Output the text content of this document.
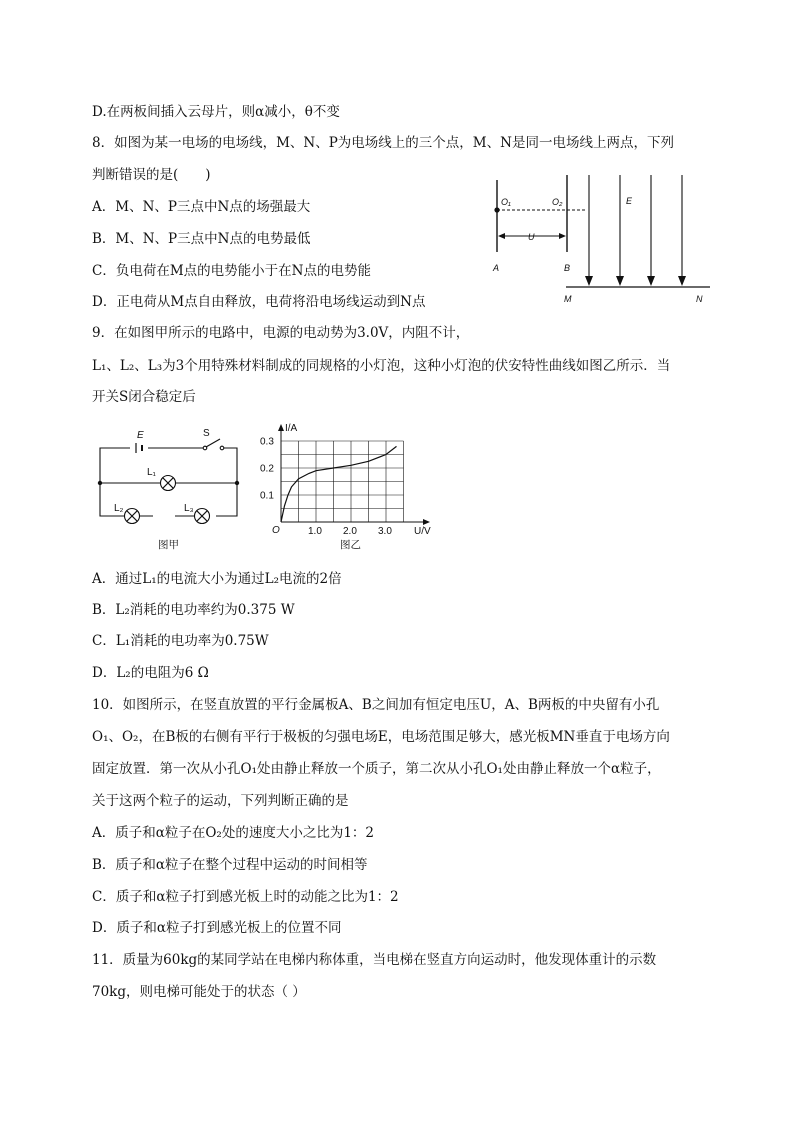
D.在两板间插入云母片，则α减小，θ不变
8．如图为某一电场的电场线，M、N、P为电场线上的三个点，M、N是同一电场线上两点，下列
判断错误的是(　　)
A．M、N、P三点中N点的场强最大
B．M、N、P三点中N点的电势最低
C．负电荷在M点的电势能小于在N点的电势能
D．正电荷从M点自由释放，电荷将沿电场线运动到N点
9．在如图甲所示的电路中，电源的电动势为3.0V，内阻不计，
L₁、L₂、L₃为3个用特殊材料制成的同规格的小灯泡，这种小灯泡的伏安特性曲线如图乙所示．当
开关S闭合稳定后
A．通过L₁的电流大小为通过L₂电流的2倍
B．L₂消耗的电功率约为0.375 W
C．L₁消耗的电功率为0.75W
D．L₂的电阻为6 Ω
10．如图所示，在竖直放置的平行金属板A、B之间加有恒定电压U，A、B两板的中央留有小孔
O₁、O₂，在B板的右侧有平行于极板的匀强电场E，电场范围足够大，感光板MN垂直于电场方向
固定放置．第一次从小孔O₁处由静止释放一个质子，第二次从小孔O₁处由静止释放一个α粒子，
关于这两个粒子的运动，下列判断正确的是
A．质子和α粒子在O₂处的速度大小之比为1：2
B．质子和α粒子在整个过程中运动的时间相等
C．质子和α粒子打到感光板上时的动能之比为1：2
D．质子和α粒子打到感光板上的位置不同
11．质量为60kg的某同学站在电梯内称体重，当电梯在竖直方向运动时，他发现体重计的示数
70kg，则电梯可能处于的状态（ ）
O₁	O₂	E
U
A	B
M	N
E	S
L₁
L₂	L₃
图甲
1.0 2.0 3.0
0.1
0.2
0.3
I/A
U/V
O
图乙
